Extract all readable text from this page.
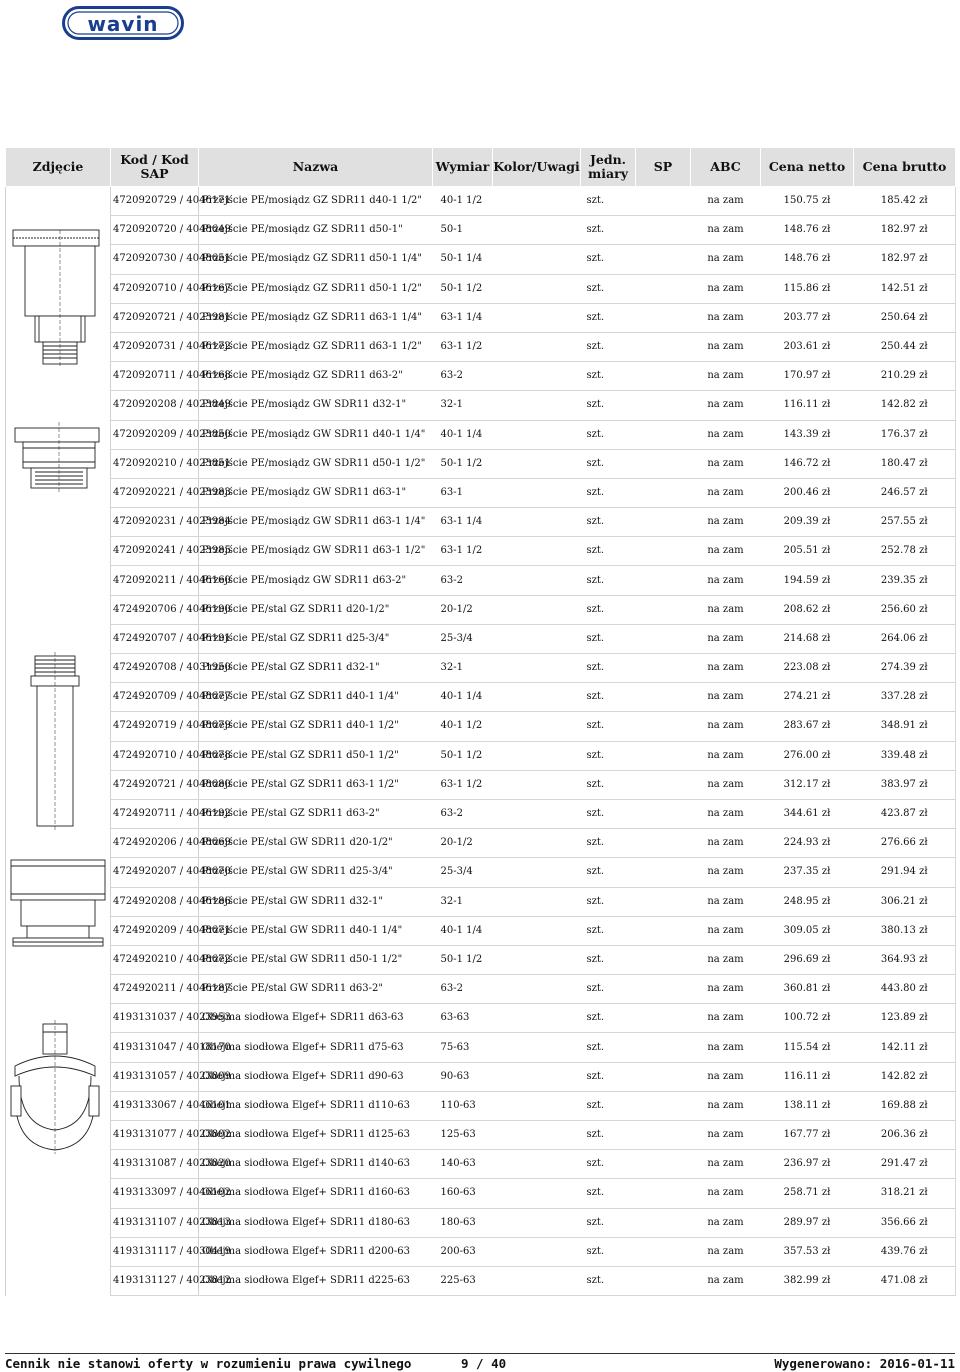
wavin
Zdjęcie	Kod / Kod SAP	Nazwa	Wymiar	Kolor/Uwagi	Jedn. miary	SP	ABC	Cena netto	Cena brutto
	4720920729 / 4046171	Przejście PE/mosiądz GZ SDR11 d40-1 1/2"	40-1 1/2		szt.		na zam	150.75 zł	185.42 zł
	4720920720 / 4048649	Przejście PE/mosiądz GZ SDR11 d50-1"	50-1		szt.		na zam	148.76 zł	182.97 zł
	4720920730 / 4048651	Przejście PE/mosiądz GZ SDR11 d50-1 1/4"	50-1 1/4		szt.		na zam	148.76 zł	182.97 zł
	4720920710 / 4046167	Przejście PE/mosiądz GZ SDR11 d50-1 1/2"	50-1 1/2		szt.		na zam	115.86 zł	142.51 zł
	4720920721 / 4023981	Przejście PE/mosiądz GZ SDR11 d63-1 1/4"	63-1 1/4		szt.		na zam	203.77 zł	250.64 zł
	4720920731 / 4046172	Przejście PE/mosiądz GZ SDR11 d63-1 1/2"	63-1 1/2		szt.		na zam	203.61 zł	250.44 zł
	4720920711 / 4046168	Przejście PE/mosiądz GZ SDR11 d63-2"	63-2		szt.		na zam	170.97 zł	210.29 zł
	4720920208 / 4023849	Przejście PE/mosiądz GW SDR11 d32-1"	32-1		szt.		na zam	116.11 zł	142.82 zł
	4720920209 / 4023850	Przejście PE/mosiądz GW SDR11 d40-1 1/4"	40-1 1/4		szt.		na zam	143.39 zł	176.37 zł
	4720920210 / 4023851	Przejście PE/mosiądz GW SDR11 d50-1 1/2"	50-1 1/2		szt.		na zam	146.72 zł	180.47 zł
	4720920221 / 4023983	Przejście PE/mosiądz GW SDR11 d63-1"	63-1		szt.		na zam	200.46 zł	246.57 zł
	4720920231 / 4023984	Przejście PE/mosiądz GW SDR11 d63-1 1/4"	63-1 1/4		szt.		na zam	209.39 zł	257.55 zł
	4720920241 / 4023985	Przejście PE/mosiądz GW SDR11 d63-1 1/2"	63-1 1/2		szt.		na zam	205.51 zł	252.78 zł
	4720920211 / 4046160	Przejście PE/mosiądz GW SDR11 d63-2"	63-2		szt.		na zam	194.59 zł	239.35 zł
	4724920706 / 4046190	Przejście PE/stal GZ SDR11 d20-1/2"	20-1/2		szt.		na zam	208.62 zł	256.60 zł
	4724920707 / 4046191	Przejście PE/stal GZ SDR11 d25-3/4"	25-3/4		szt.		na zam	214.68 zł	264.06 zł
	4724920708 / 4031950	Przejście PE/stal GZ SDR11 d32-1"	32-1		szt.		na zam	223.08 zł	274.39 zł
	4724920709 / 4048677	Przejście PE/stal GZ SDR11 d40-1 1/4"	40-1 1/4		szt.		na zam	274.21 zł	337.28 zł
	4724920719 / 4048679	Przejście PE/stal GZ SDR11 d40-1 1/2"	40-1 1/2		szt.		na zam	283.67 zł	348.91 zł
	4724920710 / 4048678	Przejście PE/stal GZ SDR11 d50-1 1/2"	50-1 1/2		szt.		na zam	276.00 zł	339.48 zł
	4724920721 / 4048680	Przejście PE/stal GZ SDR11 d63-1 1/2"	63-1 1/2		szt.		na zam	312.17 zł	383.97 zł
	4724920711 / 4046192	Przejście PE/stal GZ SDR11 d63-2"	63-2		szt.		na zam	344.61 zł	423.87 zł
	4724920206 / 4048669	Przejście PE/stal GW SDR11 d20-1/2"	20-1/2		szt.		na zam	224.93 zł	276.66 zł
	4724920207 / 4048670	Przejście PE/stal GW SDR11 d25-3/4"	25-3/4		szt.		na zam	237.35 zł	291.94 zł
	4724920208 / 4046186	Przejście PE/stal GW SDR11 d32-1"	32-1		szt.		na zam	248.95 zł	306.21 zł
	4724920209 / 4048671	Przejście PE/stal GW SDR11 d40-1 1/4"	40-1 1/4		szt.		na zam	309.05 zł	380.13 zł
	4724920210 / 4048672	Przejście PE/stal GW SDR11 d50-1 1/2"	50-1 1/2		szt.		na zam	296.69 zł	364.93 zł
	4724920211 / 4046187	Przejście PE/stal GW SDR11 d63-2"	63-2		szt.		na zam	360.81 zł	443.80 zł
	4193131037 / 4023953	Obejma siodłowa Elgef+ SDR11 d63-63	63-63		szt.		na zam	100.72 zł	123.89 zł
	4193131047 / 4018170	Obejma siodłowa Elgef+ SDR11 d75-63	75-63		szt.		na zam	115.54 zł	142.11 zł
	4193131057 / 4023809	Obejma siodłowa Elgef+ SDR11 d90-63	90-63		szt.		na zam	116.11 zł	142.82 zł
	4193133067 / 4046101	Obejma siodłowa Elgef+ SDR11 d110-63	110-63		szt.		na zam	138.11 zł	169.88 zł
	4193131077 / 4023802	Obejma siodłowa Elgef+ SDR11 d125-63	125-63		szt.		na zam	167.77 zł	206.36 zł
	4193131087 / 4023820	Obejma siodłowa Elgef+ SDR11 d140-63	140-63		szt.		na zam	236.97 zł	291.47 zł
	4193133097 / 4046102	Obejma siodłowa Elgef+ SDR11 d160-63	160-63		szt.		na zam	258.71 zł	318.21 zł
	4193131107 / 4023813	Obejma siodłowa Elgef+ SDR11 d180-63	180-63		szt.		na zam	289.97 zł	356.66 zł
	4193131117 / 4030419	Obejma siodłowa Elgef+ SDR11 d200-63	200-63		szt.		na zam	357.53 zł	439.76 zł
	4193131127 / 4023812	Obejma siodłowa Elgef+ SDR11 d225-63	225-63		szt.		na zam	382.99 zł	471.08 zł
Cennik nie stanowi oferty w rozumieniu prawa cywilnego	9 / 40	Wygenerowano: 2016-01-11
